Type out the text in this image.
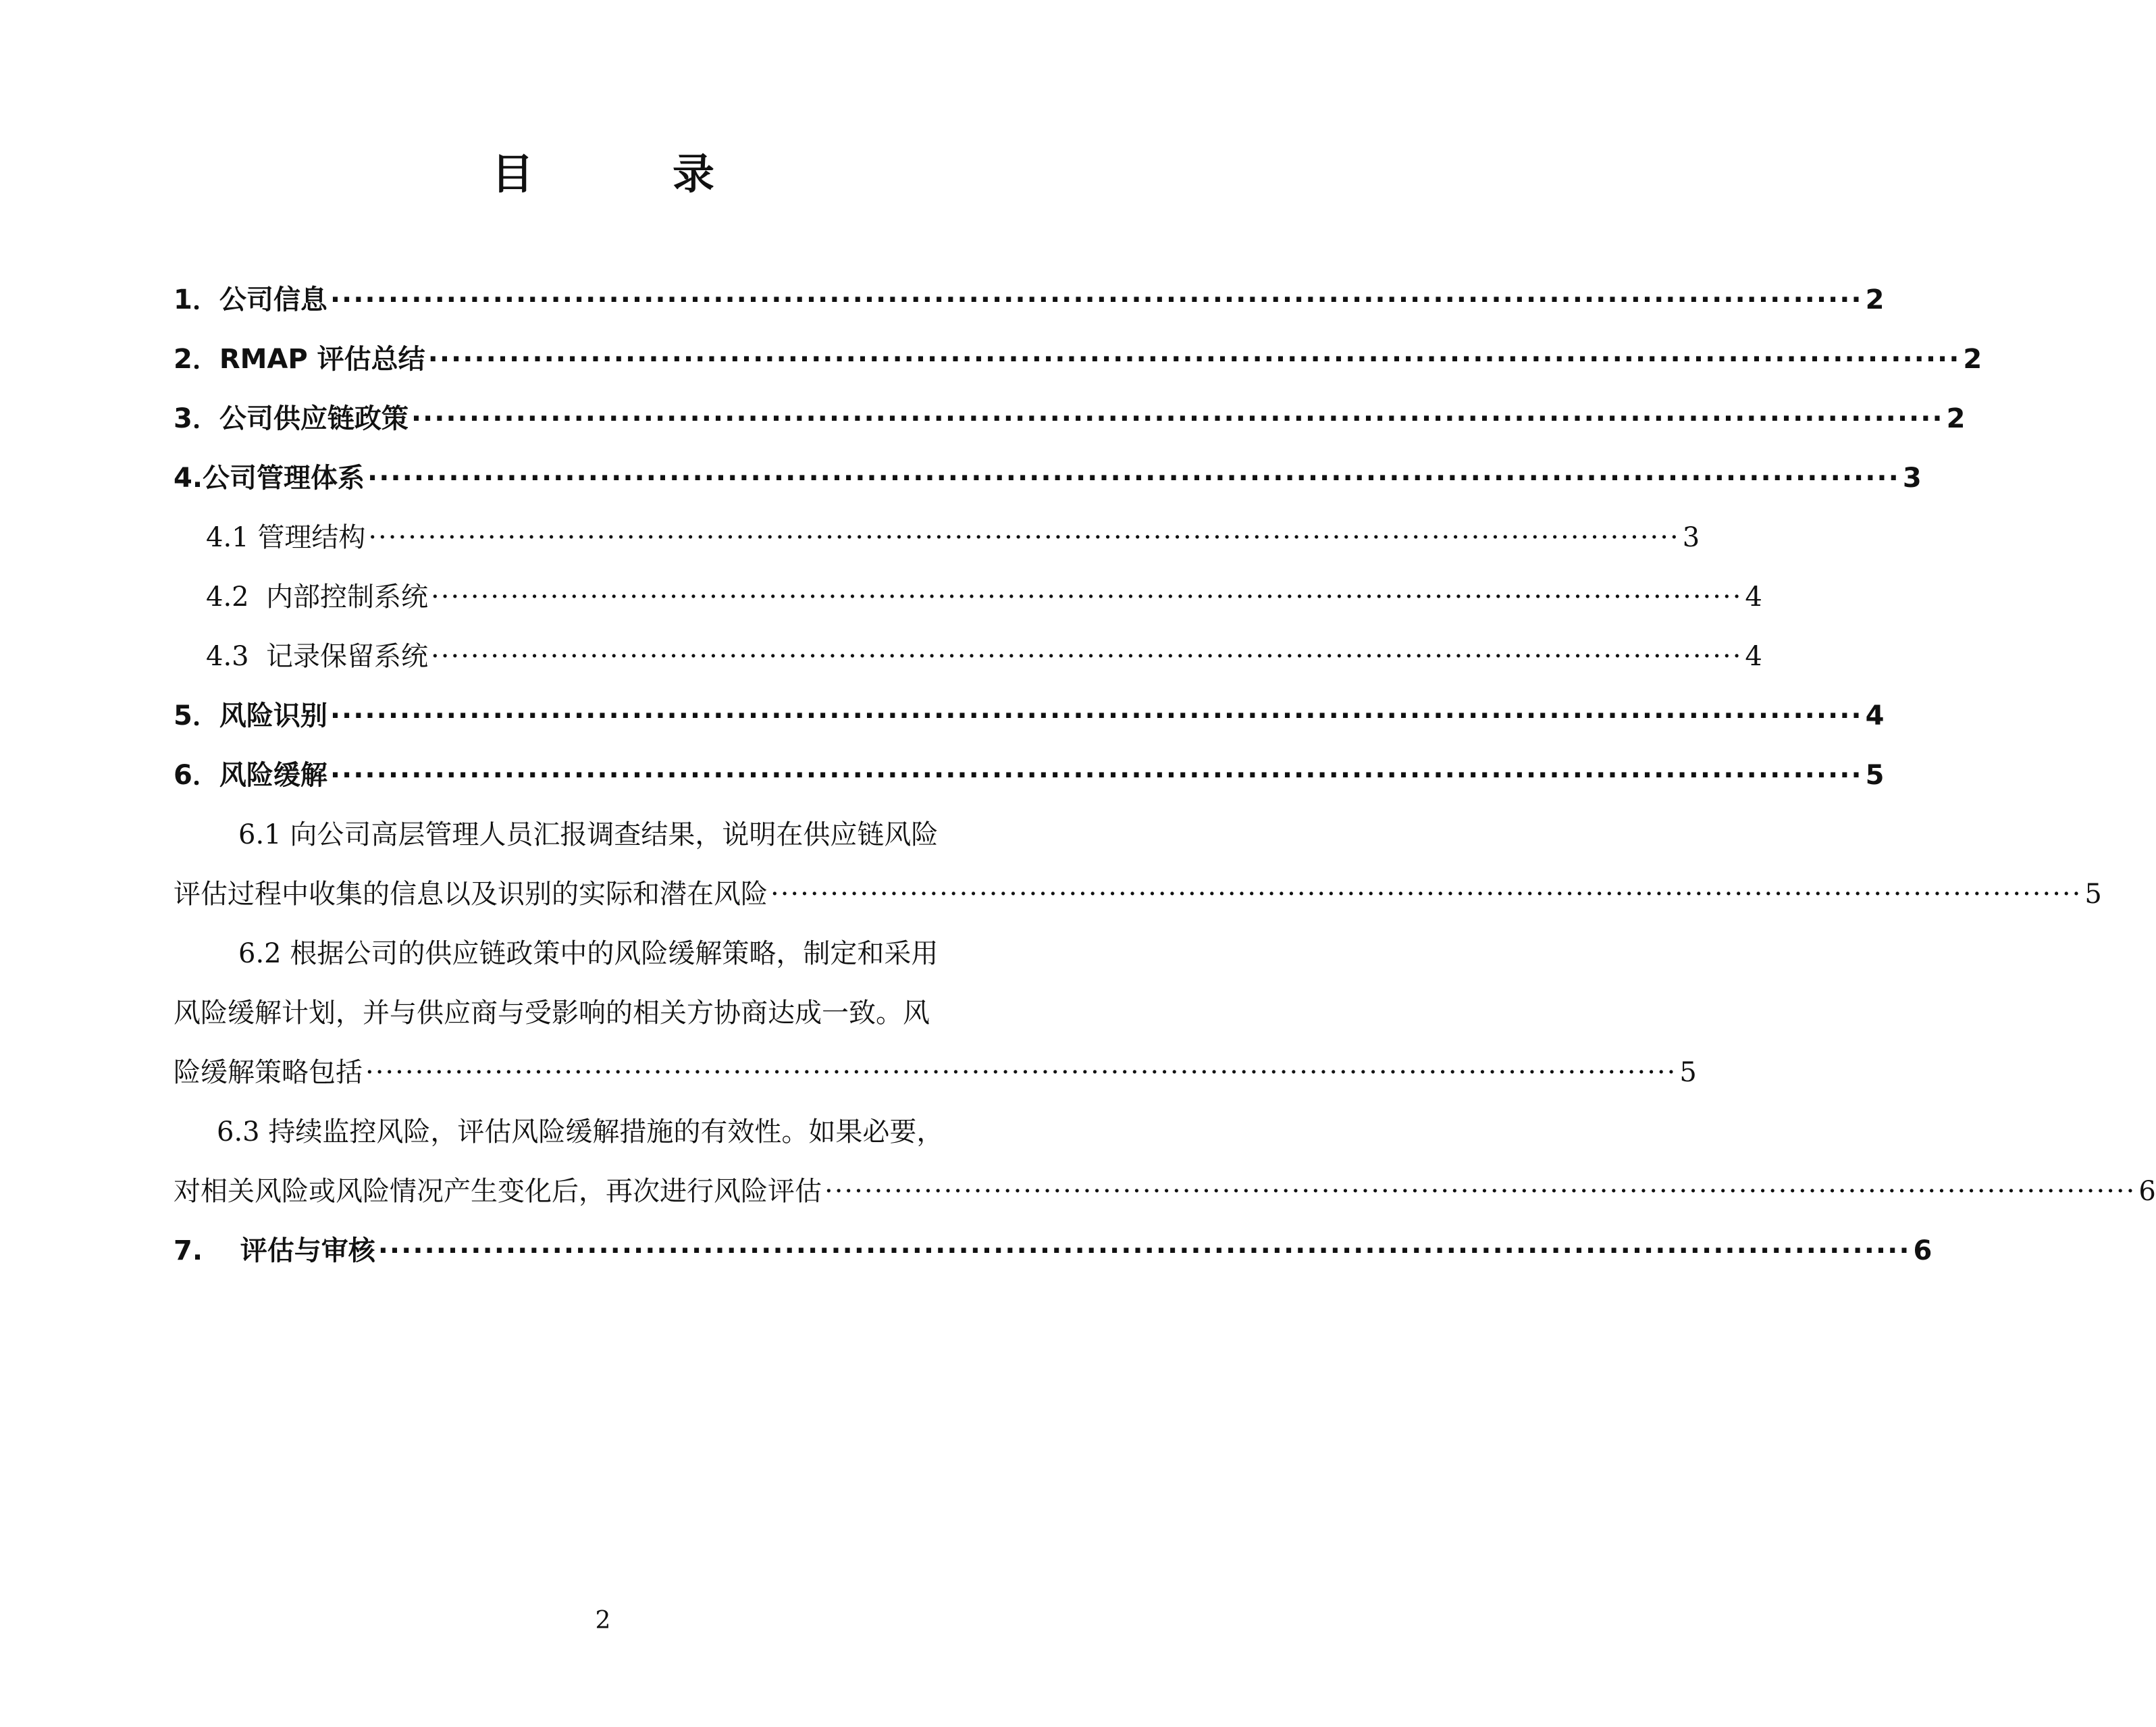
目　录
1．公司信息 ···································································································································· 2
2．RMAP 评估总结 ···································································································································· 2
3．公司供应链政策 ···································································································································· 2
4.公司管理体系 ···································································································································· 3
4.1 管理结构 ···································································································································· 3
4.2  内部控制系统 ···································································································································· 4
4.3  记录保留系统 ···································································································································· 4
5．风险识别 ···································································································································· 4
6．风险缓解 ···································································································································· 5
6.1 向公司高层管理人员汇报调查结果，说明在供应链风险
评估过程中收集的信息以及识别的实际和潜在风险 ···································································································································· 5
6.2 根据公司的供应链政策中的风险缓解策略，制定和采用
风险缓解计划，并与供应商与受影响的相关方协商达成一致。风
险缓解策略包括 ···································································································································· 5
6.3 持续监控风险，评估风险缓解措施的有效性。如果必要，
对相关风险或风险情况产生变化后，再次进行风险评估 ···································································································································· 6
7.    评估与审核 ···································································································································· 6
2
